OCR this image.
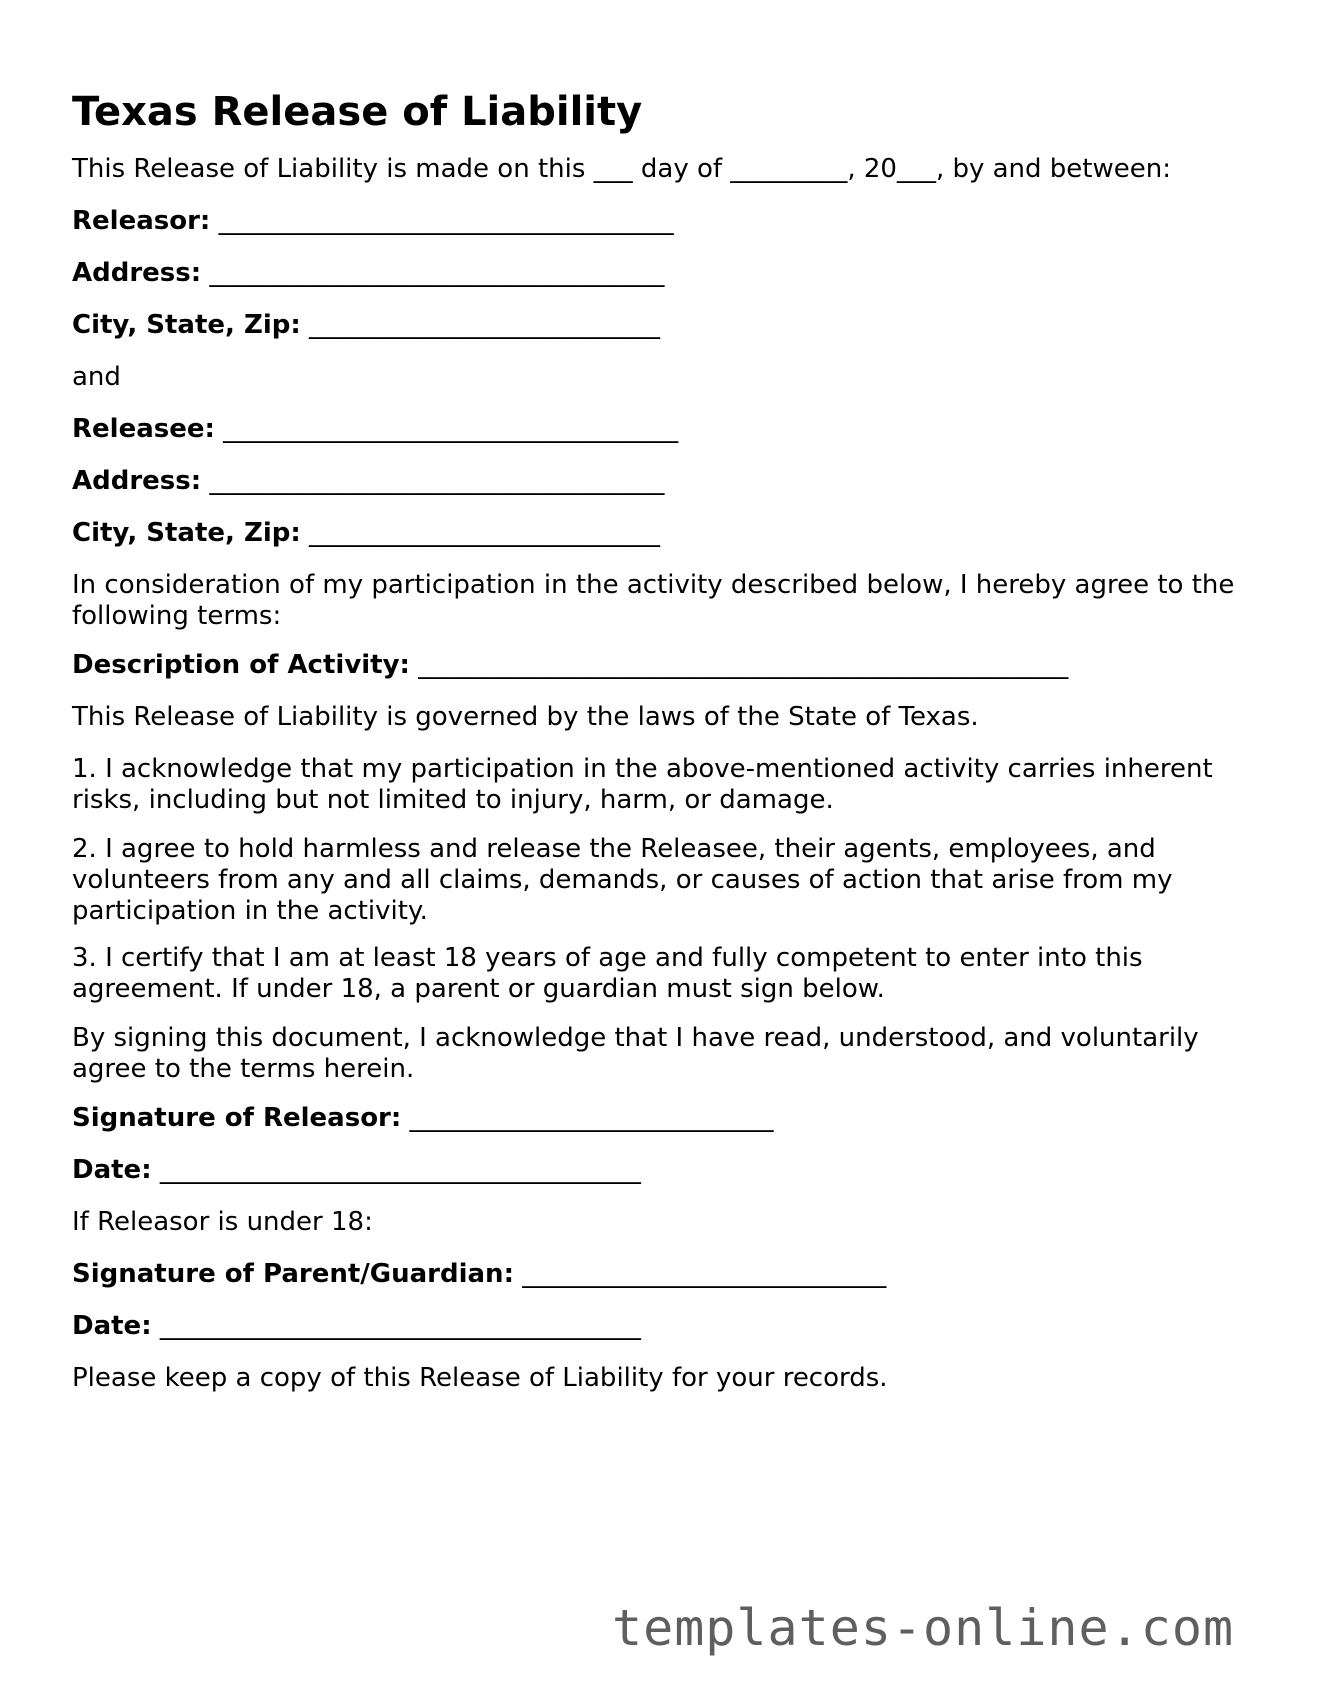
Texas Release of Liability

This Release of Liability is made on this ___ day of _________, 20___, by and between:

Releasor: ___________________________________

Address: ___________________________________

City, State, Zip: ___________________________

and

Releasee: ___________________________________

Address: ___________________________________

City, State, Zip: ___________________________

In consideration of my participation in the activity described below, I hereby agree to the following terms:

Description of Activity: __________________________________________________

This Release of Liability is governed by the laws of the State of Texas.

1. I acknowledge that my participation in the above-mentioned activity carries inherent risks, including but not limited to injury, harm, or damage.

2. I agree to hold harmless and release the Releasee, their agents, employees, and volunteers from any and all claims, demands, or causes of action that arise from my participation in the activity.

3. I certify that I am at least 18 years of age and fully competent to enter into this agreement. If under 18, a parent or guardian must sign below.

By signing this document, I acknowledge that I have read, understood, and voluntarily agree to the terms herein.

Signature of Releasor: ____________________________

Date: _____________________________________

If Releasor is under 18:

Signature of Parent/Guardian: ____________________________

Date: _____________________________________

Please keep a copy of this Release of Liability for your records.

templates-online.com
